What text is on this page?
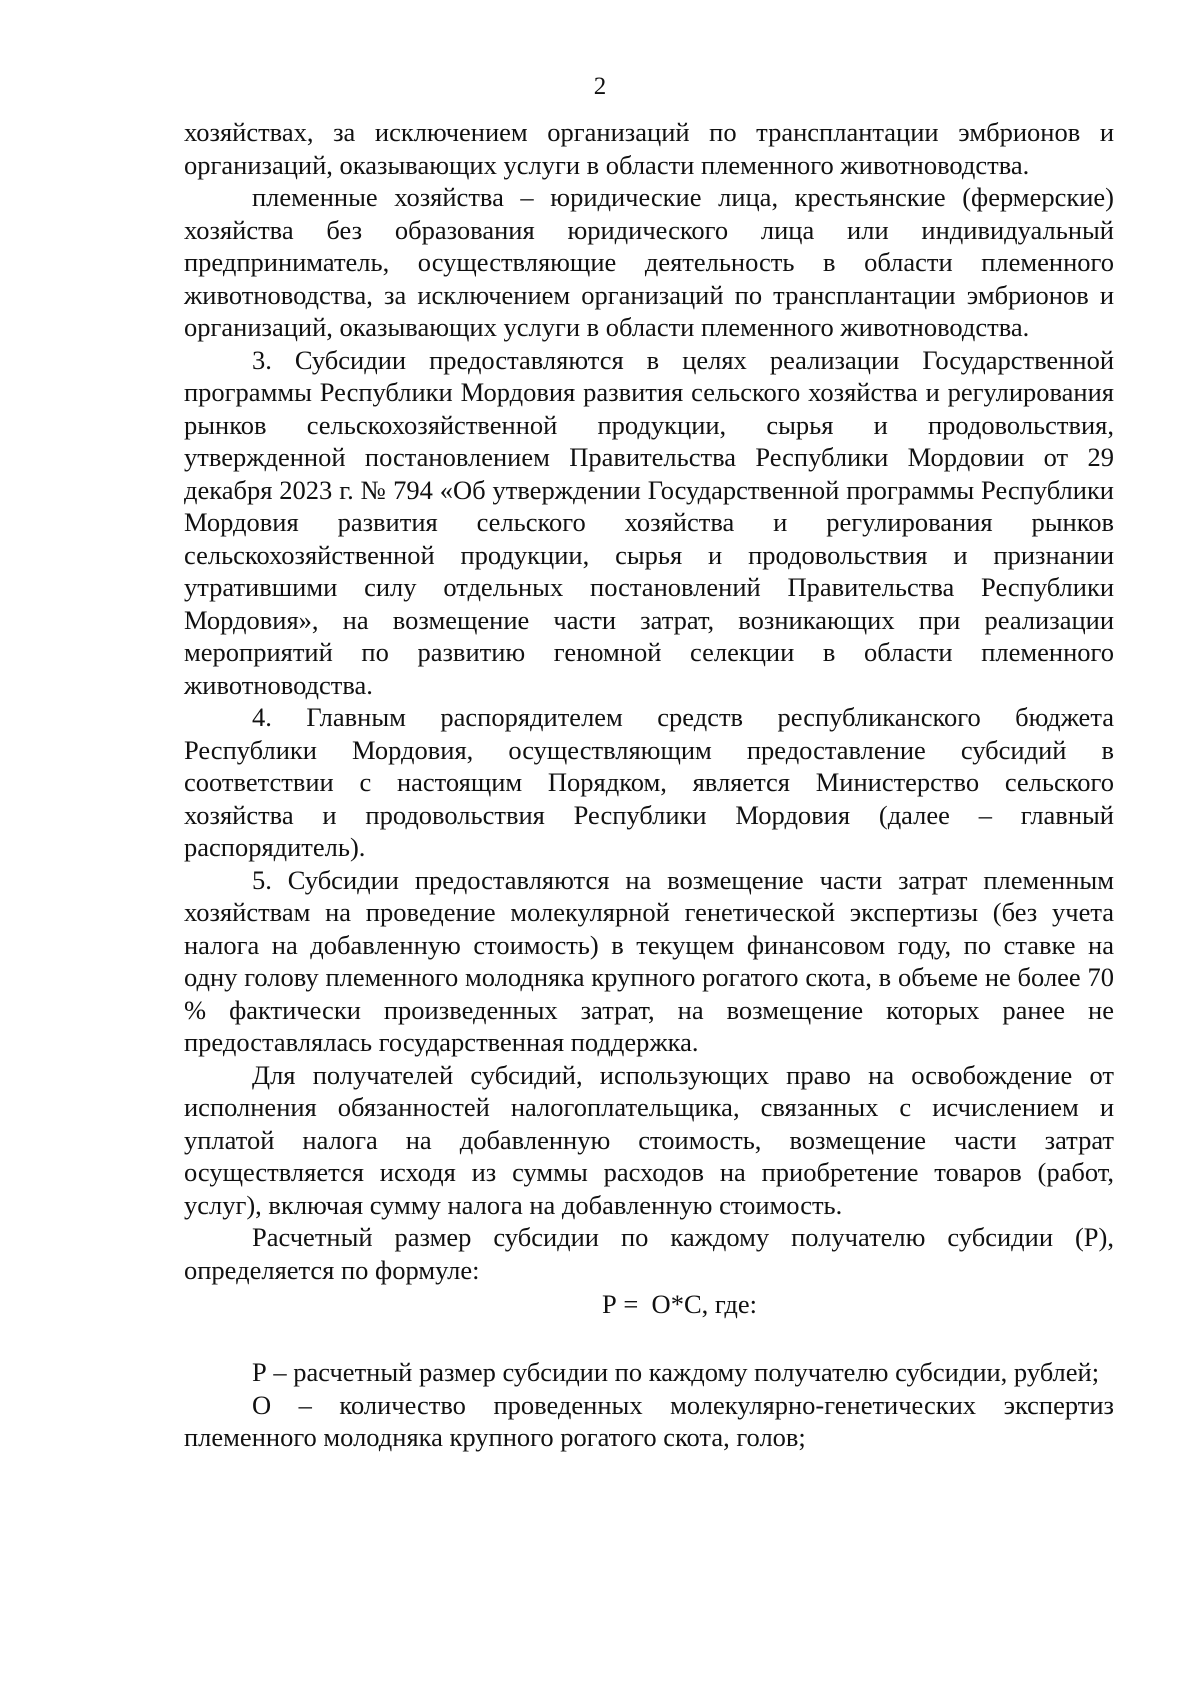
2

хозяйствах, за исключением организаций по трансплантации эмбрионов и организаций, оказывающих услуги в области племенного животноводства.

племенные хозяйства – юридические лица, крестьянские (фермерские) хозяйства без образования юридического лица или индивидуальный предприниматель, осуществляющие деятельность в области племенного животноводства, за исключением организаций по трансплантации эмбрионов и организаций, оказывающих услуги в области племенного животноводства.

3. Субсидии предоставляются в целях реализации Государственной программы Республики Мордовия развития сельского хозяйства и регулирования рынков сельскохозяйственной продукции, сырья и продовольствия, утвержденной постановлением Правительства Республики Мордовии от 29 декабря 2023 г. № 794 «Об утверждении Государственной программы Республики Мордовия развития сельского хозяйства и регулирования рынков сельскохозяйственной продукции, сырья и продовольствия и признании утратившими силу отдельных постановлений Правительства Республики Мордовия», на возмещение части затрат, возникающих при реализации мероприятий по развитию геномной селекции в области племенного животноводства.

4. Главным распорядителем средств республиканского бюджета Республики Мордовия, осуществляющим предоставление субсидий в соответствии с настоящим Порядком, является Министерство сельского хозяйства и продовольствия Республики Мордовия (далее – главный распорядитель).

5. Субсидии предоставляются на возмещение части затрат племенным хозяйствам на проведение молекулярной генетической экспертизы (без учета налога на добавленную стоимость) в текущем финансовом году, по ставке на одну голову племенного молодняка крупного рогатого скота, в объеме не более 70 % фактически произведенных затрат, на возмещение которых ранее не предоставлялась государственная поддержка.

Для получателей субсидий, использующих право на освобождение от исполнения обязанностей налогоплательщика, связанных с исчислением и уплатой налога на добавленную стоимость, возмещение части затрат осуществляется исходя из суммы расходов на приобретение товаров (работ, услуг), включая сумму налога на добавленную стоимость.

Расчетный размер субсидии по каждому получателю субсидии (Р), определяется по формуле:

Р =  О*С, где:

Р – расчетный размер субсидии по каждому получателю субсидии, рублей;

О – количество проведенных молекулярно-генетических экспертиз племенного молодняка крупного рогатого скота, голов;
